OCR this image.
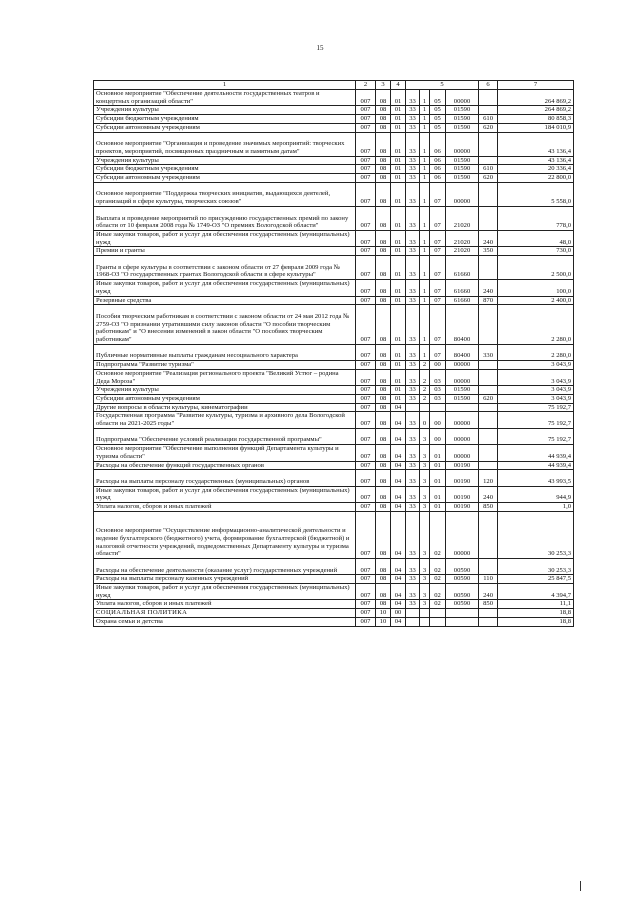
15
1	2	3	4	5				6	7
Основное мероприятие "Обеспечение деятельности государственных театров и концертных организаций области"	007	08	01	33	1	05	00000		264 869,2
Учреждения культуры	007	08	01	33	1	05	01590		264 869,2
Субсидии бюджетным учреждениям	007	08	01	33	1	05	01590	610	80 858,3
Субсидии автономным учреждениям	007	08	01	33	1	05	01590	620	184 010,9
Основное мероприятие "Организация и проведение значимых мероприятий: творческих проектов, мероприятий, посвященных праздничным и памятным датам"	007	08	01	33	1	06	00000		43 136,4
Учреждения культуры	007	08	01	33	1	06	01590		43 136,4
Субсидии бюджетным учреждениям	007	08	01	33	1	06	01590	610	20 336,4
Субсидии автономным учреждениям	007	08	01	33	1	06	01590	620	22 800,0
Основное мероприятие "Поддержка творческих инициатив, выдающихся деятелей, организаций в сфере культуры, творческих союзов"	007	08	01	33	1	07	00000		5 558,0
Выплата и проведение мероприятий по присуждению государственных премий по закону области от 10 февраля 2008 года № 1749-ОЗ "О премиях Вологодской области"	007	08	01	33	1	07	21020		778,0
Иные закупки товаров, работ и услуг для обеспечения государственных (муниципальных) нужд	007	08	01	33	1	07	21020	240	48,0
Премии и гранты	007	08	01	33	1	07	21020	350	730,0
Гранты в сфере культуры в соответствии с законом области от 27 февраля 2009 года № 1968-ОЗ "О государственных грантах Вологодской области в сфере культуры"	007	08	01	33	1	07	61660		2 500,0
Иные закупки товаров, работ и услуг для обеспечения государственных (муниципальных) нужд	007	08	01	33	1	07	61660	240	100,0
Резервные средства	007	08	01	33	1	07	61660	870	2 400,0
Пособия творческим работникам в соответствии с законом области от 24 мая 2012 года № 2759-ОЗ "О признании утратившими силу законов области "О пособии творческим работникам" и "О внесении изменений в закон области "О пособиях творческим работникам"	007	08	01	33	1	07	80400		2 280,0
Публичные нормативные выплаты гражданам несоциального характера	007	08	01	33	1	07	80400	330	2 280,0
Подпрограмма "Развитие туризма"	007	08	01	33	2	00	00000		3 043,9
Основное мероприятие "Реализация регионального проекта "Великий Устюг – родина Деда Мороза"	007	08	01	33	2	03	00000		3 043,9
Учреждения культуры	007	08	01	33	2	03	01590		3 043,9
Субсидии автономным учреждениям	007	08	01	33	2	03	01590	620	3 043,9
Другие вопросы в области культуры, кинематографии	007	08	04						75 192,7
Государственная программа "Развитие культуры, туризма и архивного дела Вологодской области на 2021-2025 годы"	007	08	04	33	0	00	00000		75 192,7
Подпрограмма "Обеспечение условий реализации государственной программы"	007	08	04	33	3	00	00000		75 192,7
Основное мероприятие "Обеспечение выполнения функций Департамента культуры и туризма области"	007	08	04	33	3	01	00000		44 939,4
Расходы на обеспечение функций государственных органов	007	08	04	33	3	01	00190		44 939,4
Расходы на выплаты персоналу государственных (муниципальных) органов	007	08	04	33	3	01	00190	120	43 993,5
Иные закупки товаров, работ и услуг для обеспечения государственных (муниципальных) нужд	007	08	04	33	3	01	00190	240	944,9
Уплата налогов, сборов и иных платежей	007	08	04	33	3	01	00190	850	1,0
Основное мероприятие "Осуществление информационно-аналитической деятельности и ведение бухгалтерского (бюджетного) учета, формирование бухгалтерской (бюджетной) и налоговой отчетности учреждений, подведомственных Департаменту культуры и туризма области"	007	08	04	33	3	02	00000		30 253,3
Расходы на обеспечение деятельности (оказание услуг) государственных учреждений	007	08	04	33	3	02	00590		30 253,3
Расходы на выплаты персоналу казенных учреждений	007	08	04	33	3	02	00590	110	25 847,5
Иные закупки товаров, работ и услуг для обеспечения государственных (муниципальных) нужд	007	08	04	33	3	02	00590	240	4 394,7
Уплата налогов, сборов и иных платежей	007	08	04	33	3	02	00590	850	11,1
СОЦИАЛЬНАЯ ПОЛИТИКА	007	10	00						18,8
Охрана семьи и детства	007	10	04						18,8
